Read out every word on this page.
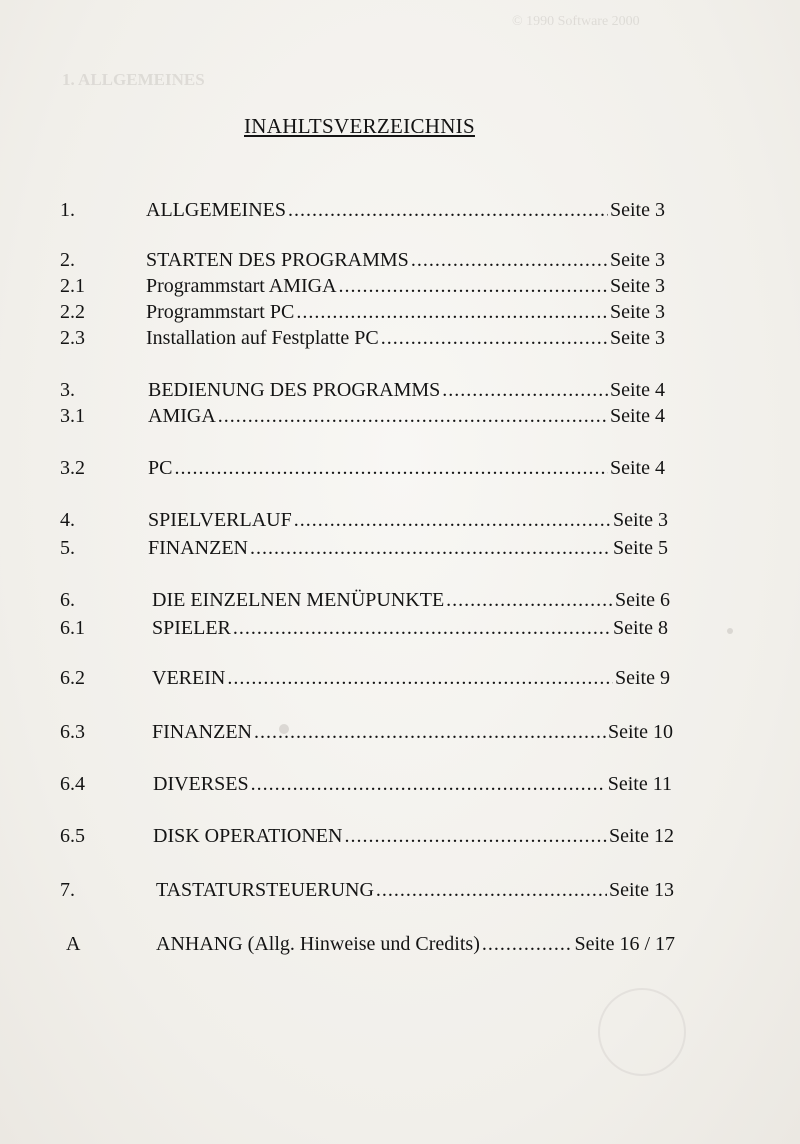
© 1990 Software 2000
1. ALLGEMEINES
INAHLTSVERZEICHNIS
1.	ALLGEMEINES .....	Seite 3
2.	STARTEN DES PROGRAMMS .....	Seite 3
2.1	Programmstart AMIGA .....	Seite 3
2.2	Programmstart PC .....	Seite 3
2.3	Installation auf Festplatte PC .....	Seite 3
3.	BEDIENUNG DES PROGRAMMS .....	Seite 4
3.1	AMIGA .....	Seite 4
3.2	PC .....	Seite 4
4.	SPIELVERLAUF .....	Seite 3
5.	FINANZEN .....	Seite 5
6.	DIE EINZELNEN MENÜPUNKTE .....	Seite 6
6.1	SPIELER .....	Seite 8
6.2	VEREIN .....	Seite 9
6.3	FINANZEN .....	Seite 10
6.4	DIVERSES .....	Seite 11
6.5	DISK OPERATIONEN .....	Seite 12
7.	TASTATURSTEUERUNG .....	Seite 13
A	ANHANG (Allg. Hinweise und Credits) .....	Seite 16 / 17
